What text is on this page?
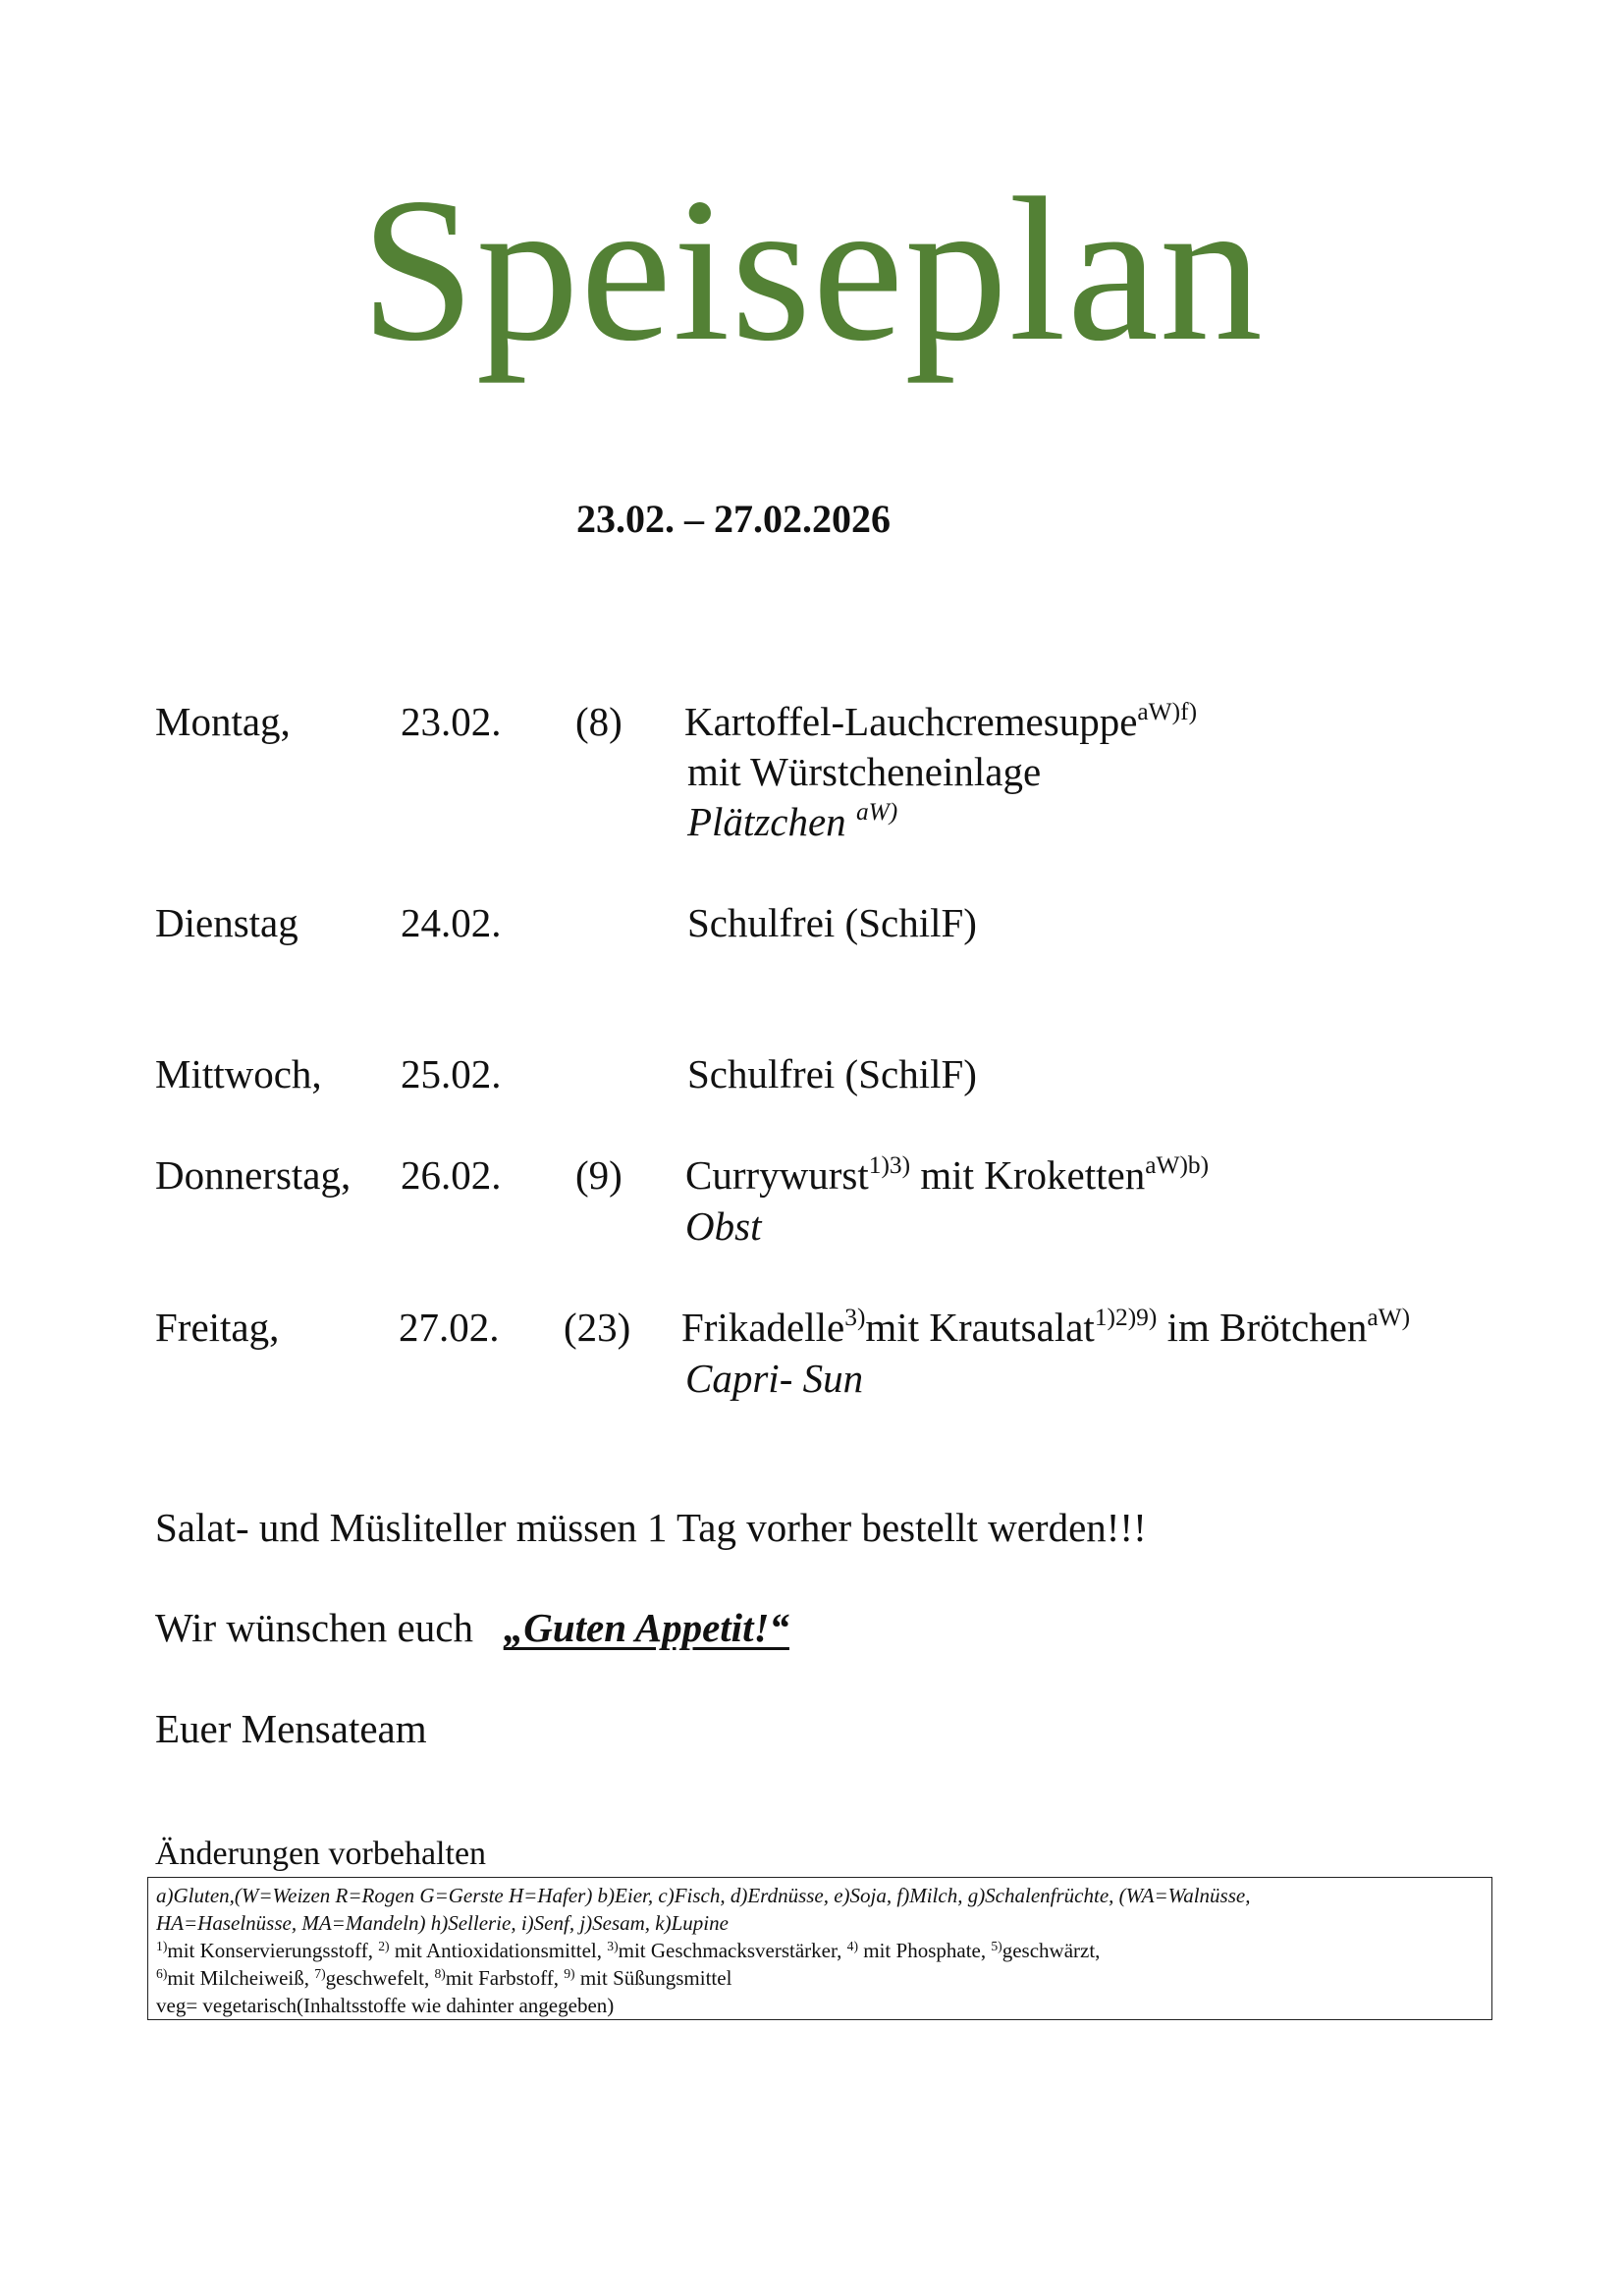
Speiseplan
23.02. – 27.02.2026
Montag,	23.02. (8) Kartoffel-Lauchcremesuppe$^{aW)f)}$
mit Würstcheneinlage
Plätzchen $^{aW)}$
Dienstag	24.02.	Schulfrei (SchilF)
Mittwoch, 25.02.	Schulfrei (SchilF)
Donnerstag, 26.02. (9) Currywurst$^{1)3)}$ mit Kroketten$^{aW)b)}$
Obst
Freitag,	27.02. (23) Frikadelle$^{3)}$mit Krautsalat$^{1)2)9)}$ im Brötchen$^{aW)}$
Capri- Sun
Salat- und Müsliteller müssen 1 Tag vorher bestellt werden!!!
Wir wünschen euch „Guten Appetit!“
Euer Mensateam
Änderungen vorbehalten
a)Gluten,(W=Weizen R=Rogen G=Gerste H=Hafer) b)Eier, c)Fisch, d)Erdnüsse, e)Soja, f)Milch, g)Schalenfrüchte, (WA=Walnüsse,
HA=Haselnüsse, MA=Mandeln) h)Sellerie, i)Senf, j)Sesam, k)Lupine
$^{1)}$mit Konservierungsstoff, $^{2)}$ mit Antioxidationsmittel, $^{3)}$mit Geschmacksverstärker, $^{4)}$ mit Phosphate, $^{5)}$geschwärzt,
$^{6)}$mit Milcheiweiß, $^{7)}$geschwefelt, $^{8)}$mit Farbstoff, $^{9)}$ mit Süßungsmittel
veg= vegetarisch(Inhaltsstoffe wie dahinter angegeben)
